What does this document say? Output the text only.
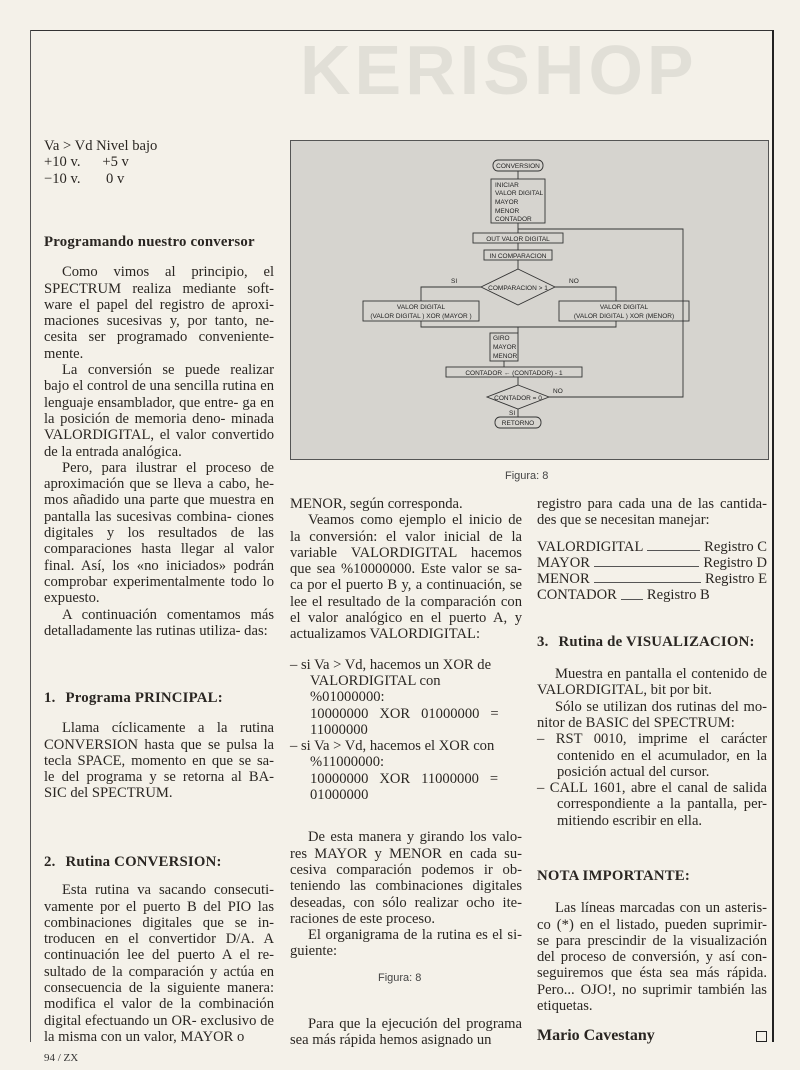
KERISHOP
Va > Vd Nivel bajo
+10 v.      +5 v
−10 v.       0 v
Programando nuestro conversor

Como vimos al principio, el SPECTRUM realiza mediante soft- ware el papel del registro de aproxi- maciones sucesivas y, por tanto, ne- cesita ser programado conveniente- mente.

La conversión se puede realizar bajo el control de una sencilla rutina en lenguaje ensamblador, que entre- ga en la posición de memoria deno- minada VALORDIGITAL, el valor convertido de la entrada analógica.

Pero, para ilustrar el proceso de aproximación que se lleva a cabo, he- mos añadido una parte que muestra en pantalla las sucesivas combina- ciones digitales y los resultados de las comparaciones hasta llegar al valor final. Así, los «no iniciados» podrán comprobar experimentalmente todo lo expuesto.

A continuación comentamos más detalladamente las rutinas utiliza- das:

1. Programa PRINCIPAL:

Llama cíclicamente a la rutina CONVERSION hasta que se pulsa la tecla SPACE, momento en que se sa- le del programa y se retorna al BA- SIC del SPECTRUM.

2. Rutina CONVERSION:

Esta rutina va sacando consecuti- vamente por el puerto B del PIO las combinaciones digitales que se in- troducen en el convertidor D/A. A continuación lee del puerto A el re- sultado de la comparación y actúa en consecuencia de la siguiente manera: modifica el valor de la combinación digital efectuando un OR- exclusivo de la misma con un valor, MAYOR o

CONVERSION
INICIAR
VALOR DIGITAL
MAYOR
MENOR
CONTADOR
OUT VALOR DIGITAL
IN COMPARACION
COMPARACION > 1
SI	NO
VALOR DIGITAL
(VALOR DIGITAL ) XOR (MAYOR )
VALOR DIGITAL
(VALOR DIGITAL ) XOR (MENOR)
GIRO
MAYOR
MENOR
CONTADOR ← (CONTADOR) - 1
CONTADOR = 0
NO
SI
RETORNO
Figura: 8

MENOR, según corresponda.

Veamos como ejemplo el inicio de la conversión: el valor inicial de la variable VALORDIGITAL hacemos que sea %10000000. Este valor se sa- ca por el puerto B y, a continuación, se lee el resultado de la comparación con el valor analógico en el puerto A, y actualizamos VALORDIGITAL:

– si Va > Vd, hacemos un XOR de
VALORDIGITAL con
%01000000:
10000000   XOR   01000000   =
11000000
– si Va > Vd, hacemos el XOR con
%11000000:
10000000   XOR   11000000   =
01000000

De esta manera y girando los valo- res MAYOR y MENOR en cada su- cesiva comparación podemos ir ob- teniendo las combinaciones digitales deseadas, con sólo realizar ocho ite- raciones de este proceso.

El organigrama de la rutina es el si- guiente:

Figura: 8

Para que la ejecución del programa sea más rápida hemos asignado un

registro para cada una de las cantida- des que se necesitan manejar:

VALORDIGITAL	Registro C
MAYOR	Registro D
MENOR	Registro E
CONTADOR Registro B
3. Rutina de VISUALIZACION:

Muestra en pantalla el contenido de VALORDIGITAL, bit por bit.

Sólo se utilizan dos rutinas del mo- nitor de BASIC del SPECTRUM:

– RST 0010, imprime el carácter contenido en el acumulador, en la posición actual del cursor.

– CALL 1601, abre el canal de salida correspondiente a la pantalla, per- mitiendo escribir en ella.

NOTA IMPORTANTE:

Las líneas marcadas con un asteris- co (*) en el listado, pueden suprimir- se para prescindir de la visualización del proceso de conversión, y así con- seguiremos que ésta sea más rápida. Pero... OJO!, no suprimir también las etiquetas.

Mario Cavestany
94 / ZX
